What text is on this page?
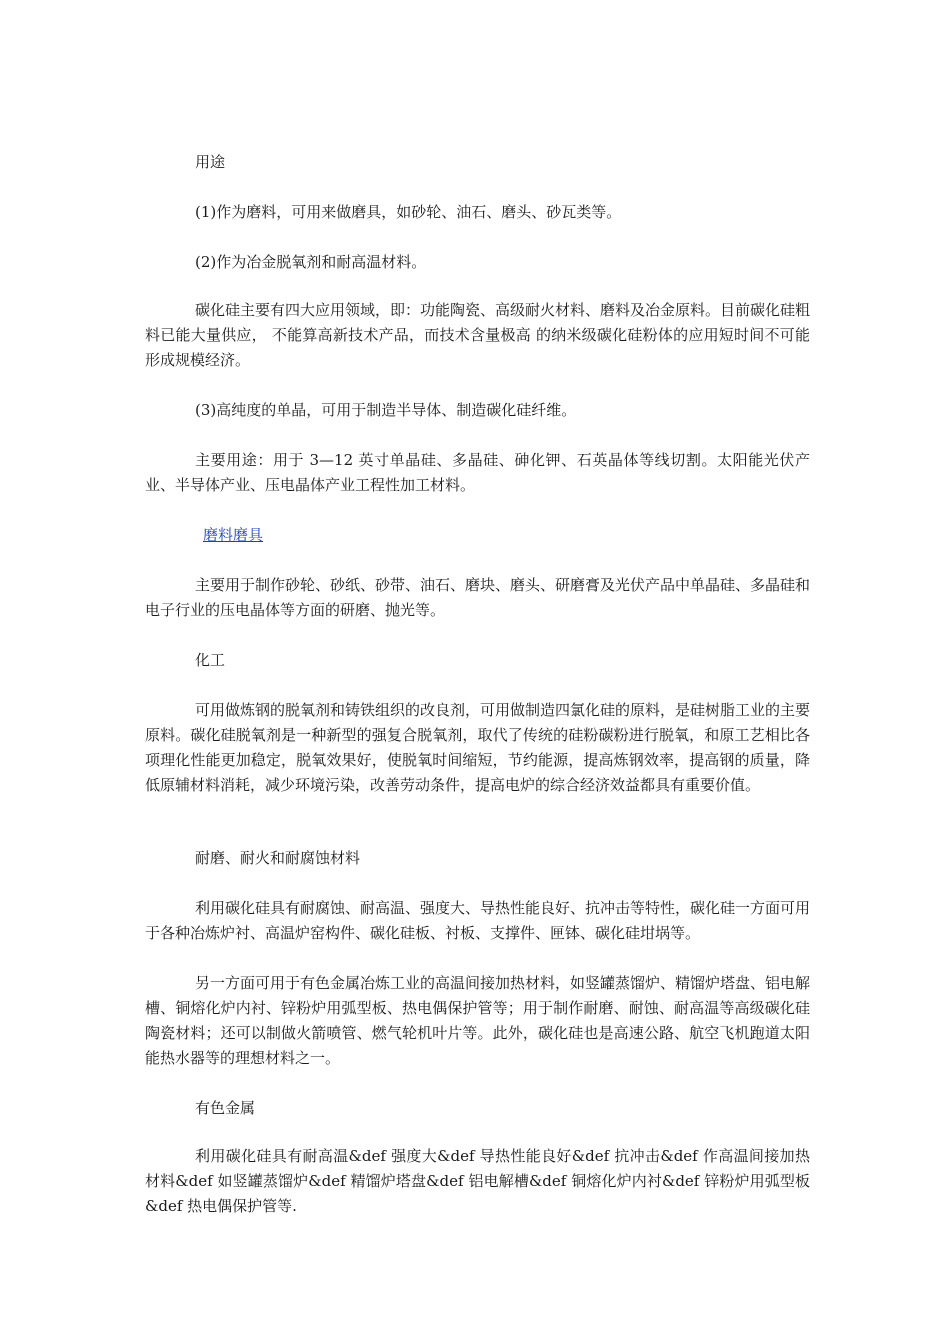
用途

(1)作为磨料，可用来做磨具，如砂轮、油石、磨头、砂瓦类等。

(2)作为冶金脱氧剂和耐高温材料。

碳化硅主要有四大应用领域，即：功能陶瓷、高级耐火材料、磨料及冶金原料。目前碳化硅粗料已能大量供应， 不能算高新技术产品，而技术含量极高 的纳米级碳化硅粉体的应用短时间不可能形成规模经济。

(3)高纯度的单晶，可用于制造半导体、制造碳化硅纤维。

主要用途：用于 3—12 英寸单晶硅、多晶硅、砷化钾、石英晶体等线切割。太阳能光伏产业、半导体产业、压电晶体产业工程性加工材料。

磨料磨具

主要用于制作砂轮、砂纸、砂带、油石、磨块、磨头、研磨膏及光伏产品中单晶硅、多晶硅和电子行业的压电晶体等方面的研磨、抛光等。

化工

可用做炼钢的脱氧剂和铸铁组织的改良剂，可用做制造四氯化硅的原料，是硅树脂工业的主要原料。碳化硅脱氧剂是一种新型的强复合脱氧剂，取代了传统的硅粉碳粉进行脱氧，和原工艺相比各项理化性能更加稳定，脱氧效果好，使脱氧时间缩短，节约能源，提高炼钢效率，提高钢的质量，降低原辅材料消耗，减少环境污染，改善劳动条件，提高电炉的综合经济效益都具有重要价值。

耐磨、耐火和耐腐蚀材料

利用碳化硅具有耐腐蚀、耐高温、强度大、导热性能良好、抗冲击等特性，碳化硅一方面可用于各种冶炼炉衬、高温炉窑构件、碳化硅板、衬板、支撑件、匣钵、碳化硅坩埚等。

另一方面可用于有色金属冶炼工业的高温间接加热材料，如竖罐蒸馏炉、精馏炉塔盘、铝电解槽、铜熔化炉内衬、锌粉炉用弧型板、热电偶保护管等；用于制作耐磨、耐蚀、耐高温等高级碳化硅陶瓷材料；还可以制做火箭喷管、燃气轮机叶片等。此外，碳化硅也是高速公路、航空飞机跑道太阳能热水器等的理想材料之一。

有色金属

利用碳化硅具有耐高温&def 强度大&def 导热性能良好&def 抗冲击&def 作高温间接加热材料&def 如竖罐蒸馏炉&def 精馏炉塔盘&def 铝电解槽&def 铜熔化炉内衬&def 锌粉炉用弧型板&def 热电偶保护管等.
